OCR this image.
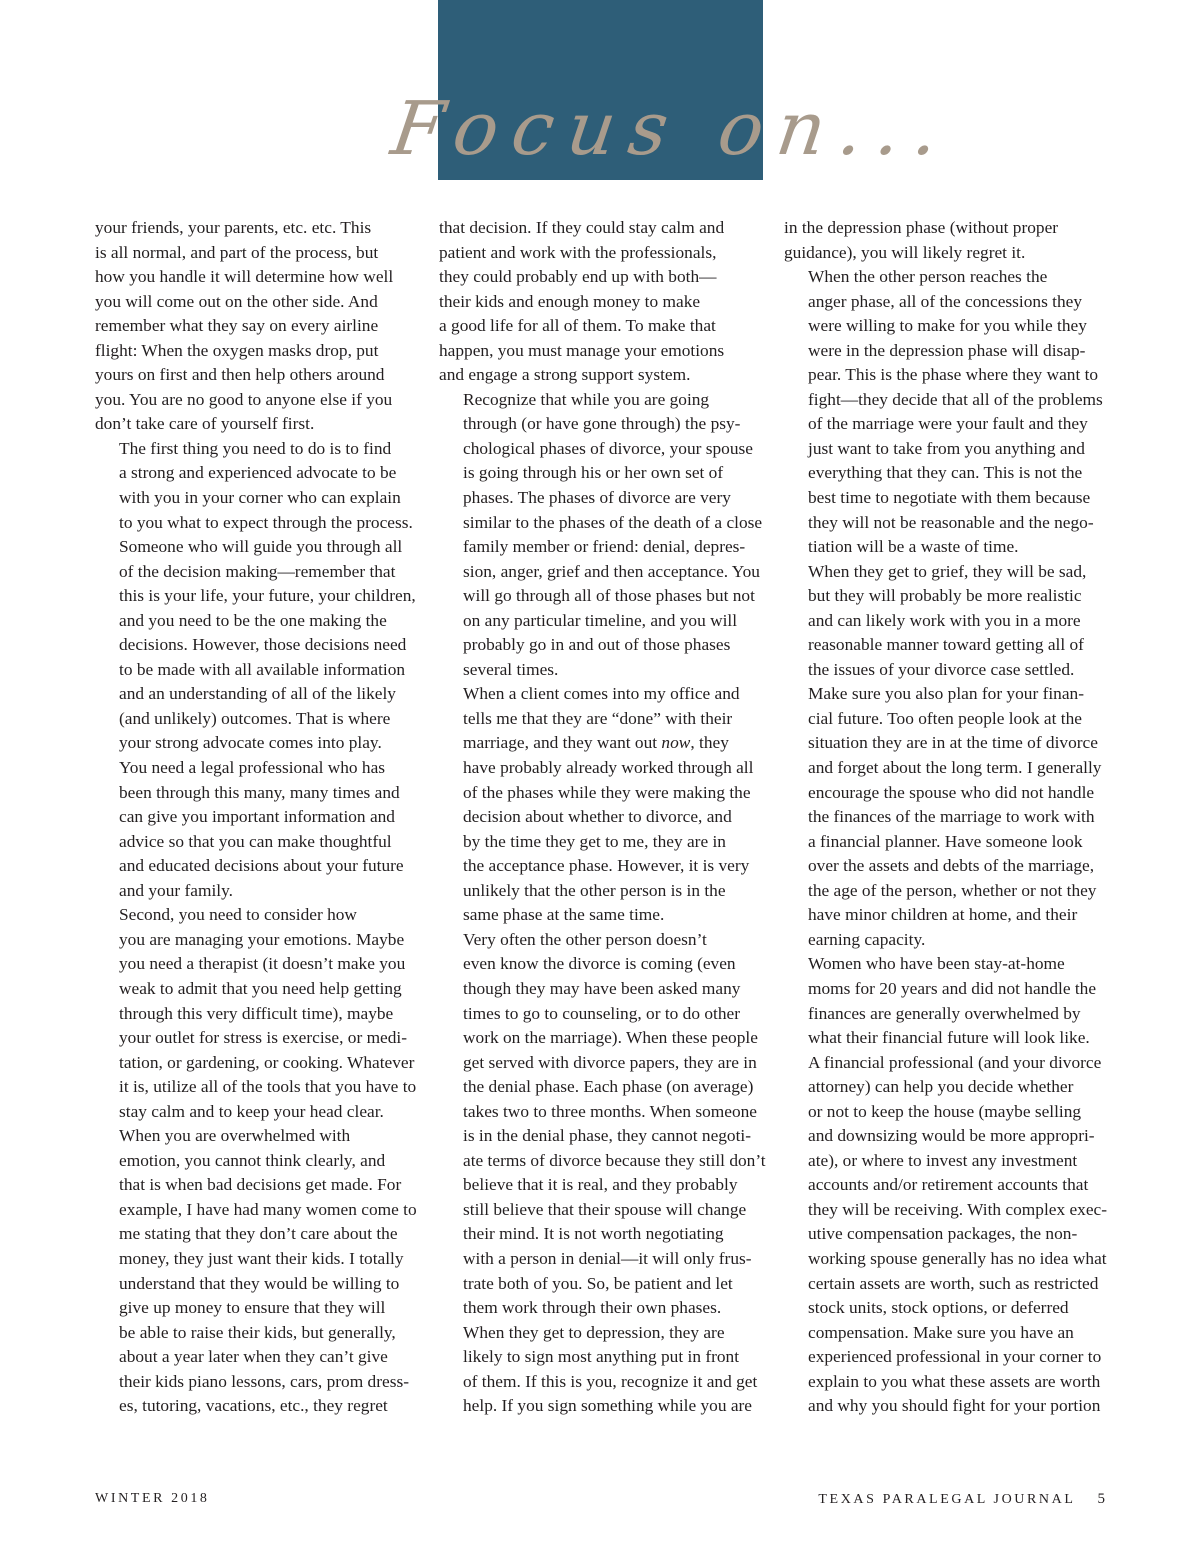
Focus on...

your friends, your parents, etc. etc. This
is all normal, and part of the process, but
how you handle it will determine how well
you will come out on the other side. And
remember what they say on every airline
flight: When the oxygen masks drop, put
yours on first and then help others around
you. You are no good to anyone else if you
don’t take care of yourself first.

The first thing you need to do is to find
a strong and experienced advocate to be
with you in your corner who can explain
to you what to expect through the process.
Someone who will guide you through all
of the decision making—remember that
this is your life, your future, your children,
and you need to be the one making the
decisions. However, those decisions need
to be made with all available information
and an understanding of all of the likely
(and unlikely) outcomes. That is where
your strong advocate comes into play.
You need a legal professional who has
been through this many, many times and
can give you important information and
advice so that you can make thoughtful
and educated decisions about your future
and your family.

Second, you need to consider how
you are managing your emotions. Maybe
you need a therapist (it doesn’t make you
weak to admit that you need help getting
through this very difficult time), maybe
your outlet for stress is exercise, or medi-
tation, or gardening, or cooking. Whatever
it is, utilize all of the tools that you have to
stay calm and to keep your head clear.

When you are overwhelmed with
emotion, you cannot think clearly, and
that is when bad decisions get made. For
example, I have had many women come to
me stating that they don’t care about the
money, they just want their kids. I totally
understand that they would be willing to
give up money to ensure that they will
be able to raise their kids, but generally,
about a year later when they can’t give
their kids piano lessons, cars, prom dress-
es, tutoring, vacations, etc., they regret

that decision. If they could stay calm and
patient and work with the professionals,
they could probably end up with both—
their kids and enough money to make
a good life for all of them. To make that
happen, you must manage your emotions
and engage a strong support system.

Recognize that while you are going
through (or have gone through) the psy-
chological phases of divorce, your spouse
is going through his or her own set of
phases. The phases of divorce are very
similar to the phases of the death of a close
family member or friend: denial, depres-
sion, anger, grief and then acceptance. You
will go through all of those phases but not
on any particular timeline, and you will
probably go in and out of those phases
several times.

When a client comes into my office and
tells me that they are “done” with their
marriage, and they want out now, they
have probably already worked through all
of the phases while they were making the
decision about whether to divorce, and
by the time they get to me, they are in
the acceptance phase. However, it is very
unlikely that the other person is in the
same phase at the same time.

Very often the other person doesn’t
even know the divorce is coming (even
though they may have been asked many
times to go to counseling, or to do other
work on the marriage). When these people
get served with divorce papers, they are in
the denial phase. Each phase (on average)
takes two to three months. When someone
is in the denial phase, they cannot negoti-
ate terms of divorce because they still don’t
believe that it is real, and they probably
still believe that their spouse will change
their mind. It is not worth negotiating
with a person in denial—it will only frus-
trate both of you. So, be patient and let
them work through their own phases.

When they get to depression, they are
likely to sign most anything put in front
of them. If this is you, recognize it and get
help. If you sign something while you are

in the depression phase (without proper
guidance), you will likely regret it.

When the other person reaches the
anger phase, all of the concessions they
were willing to make for you while they
were in the depression phase will disap-
pear. This is the phase where they want to
fight—they decide that all of the problems
of the marriage were your fault and they
just want to take from you anything and
everything that they can. This is not the
best time to negotiate with them because
they will not be reasonable and the nego-
tiation will be a waste of time.

When they get to grief, they will be sad,
but they will probably be more realistic
and can likely work with you in a more
reasonable manner toward getting all of
the issues of your divorce case settled.

Make sure you also plan for your finan-
cial future. Too often people look at the
situation they are in at the time of divorce
and forget about the long term. I generally
encourage the spouse who did not handle
the finances of the marriage to work with
a financial planner. Have someone look
over the assets and debts of the marriage,
the age of the person, whether or not they
have minor children at home, and their
earning capacity.

Women who have been stay-at-home
moms for 20 years and did not handle the
finances are generally overwhelmed by
what their financial future will look like.
A financial professional (and your divorce
attorney) can help you decide whether
or not to keep the house (maybe selling
and downsizing would be more appropri-
ate), or where to invest any investment
accounts and/or retirement accounts that
they will be receiving. With complex exec-
utive compensation packages, the non-
working spouse generally has no idea what
certain assets are worth, such as restricted
stock units, stock options, or deferred
compensation. Make sure you have an
experienced professional in your corner to
explain to you what these assets are worth
and why you should fight for your portion

WINTER 2018	TEXAS PARALEGAL JOURNAL 5
